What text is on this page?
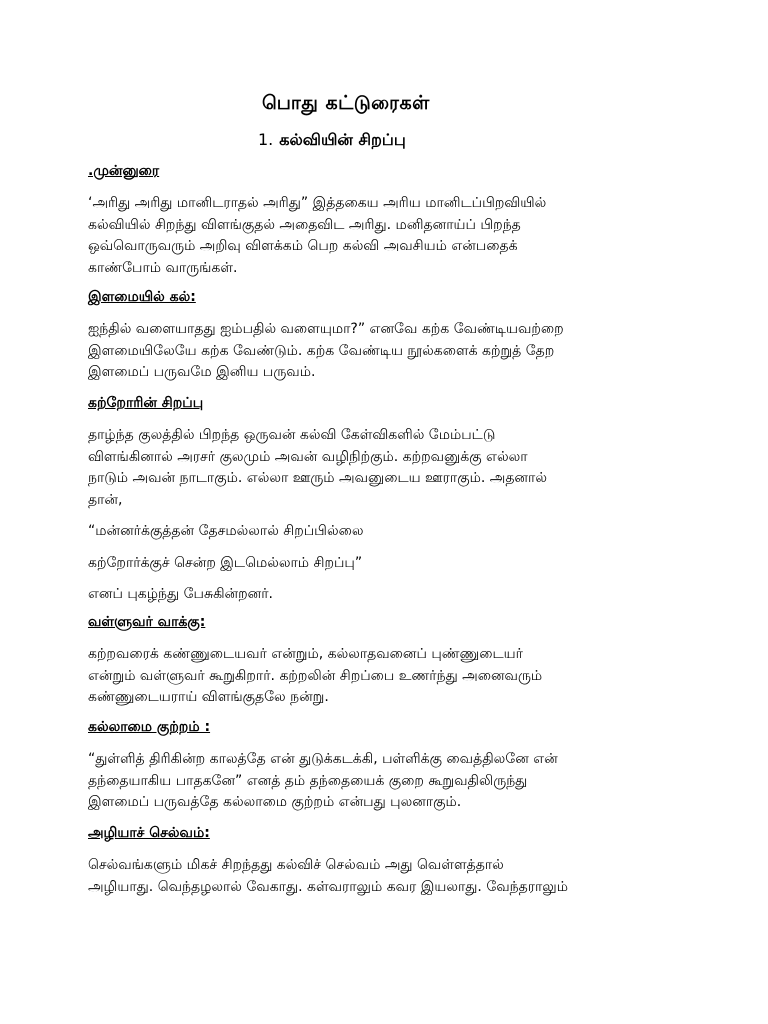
பொது கட்டுரைகள்
1. கல்வியின் சிறப்பு

.முன்னுரை

‘அரிது அரிது மானிடராதல் அரிது” இத்தகைய அரிய மானிடப்பிறவியில்
கல்வியில் சிறந்து விளங்குதல் அதைவிட அரிது. மனிதனாய்ப் பிறந்த
ஒவ்வொருவரும் அறிவு விளக்கம் பெற கல்வி அவசியம் என்பதைக்
காண்போம் வாருங்கள்.

இளமையில் கல்:

ஐந்தில் வளையாதது ஐம்பதில் வளையுமா?” எனவே கற்க வேண்டியவற்றை
இளமையிலேயே கற்க வேண்டும். கற்க வேண்டிய நூல்களைக் கற்றுத் தேற
இளமைப் பருவமே இனிய பருவம்.

கற்றோரின் சிறப்பு

தாழ்ந்த குலத்தில் பிறந்த ஒருவன் கல்வி கேள்விகளில் மேம்பட்டு
விளங்கினால் அரசர் குலமும் அவன் வழிநிற்கும். கற்றவனுக்கு எல்லா
நாடும் அவன் நாடாகும். எல்லா ஊரும் அவனுடைய ஊராகும். அதனால்
தான்,

“மன்னர்க்குத்தன் தேசமல்லால் சிறப்பில்லை

கற்றோர்க்குச் சென்ற இடமெல்லாம் சிறப்பு”

எனப் புகழ்ந்து பேசுகின்றனர்.

வள்ளுவர் வாக்கு:

கற்றவரைக் கண்ணுடையவர் என்றும், கல்லாதவனைப் புண்ணுடையர்
என்றும் வள்ளுவர் கூறுகிறார். கற்றலின் சிறப்பை உணர்ந்து அனைவரும்
கண்ணுடையராய் விளங்குதலே நன்று.

கல்லாமை குற்றம் :

“துள்ளித் திரிகின்ற காலத்தே என் துடுக்கடக்கி, பள்ளிக்கு வைத்திலனே என்
தந்தையாகிய பாதகனே” எனத் தம் தந்தையைக் குறை கூறுவதிலிருந்து
இளமைப் பருவத்தே கல்லாமை குற்றம் என்பது புலனாகும்.

அழியாச் செல்வம்:

செல்வங்களும் மிகச் சிறந்தது கல்விச் செல்வம் அது வெள்ளத்தால்
அழியாது. வெந்தழலால் வேகாது. கள்வராலும் கவர இயலாது. வேந்தராலும்
